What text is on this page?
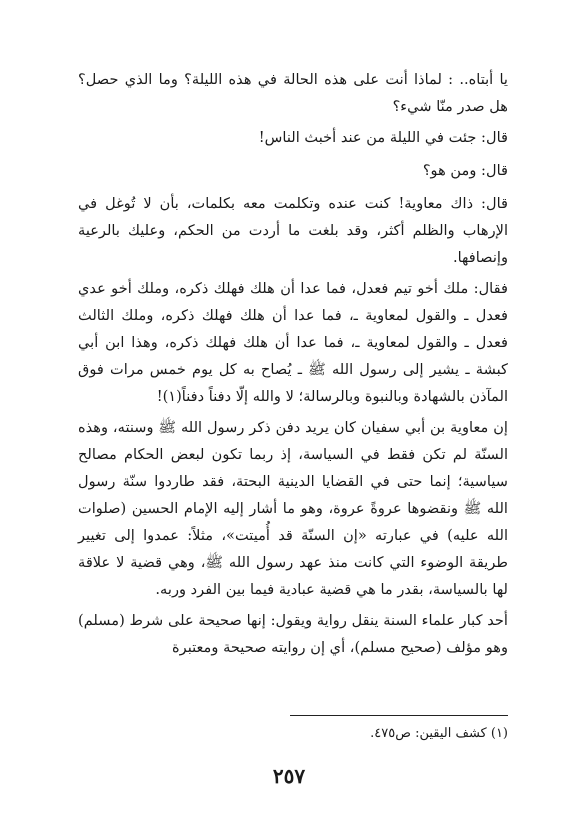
يا أبتاه.. : لماذا أنت على هذه الحالة في هذه الليلة؟ وما الذي حصل؟ هل صدر منّا شيء؟

قال: جئت في الليلة من عند أخبث الناس!

قال: ومن هو؟

قال: ذاك معاوية! كنت عنده وتكلمت معه بكلمات، بأن لا تُوغل في الإرهاب والظلم أكثر، وقد بلغت ما أردت من الحكم، وعليك بالرعية وإنصافها.

فقال: ملك أخو تيم فعدل، فما عدا أن هلك فهلك ذكره، وملك أخو عدي فعدل ـ والقول لمعاوية ـ، فما عدا أن هلك فهلك ذكره، وملك الثالث فعدل ـ والقول لمعاوية ـ، فما عدا أن هلك فهلك ذكره، وهذا ابن أبي كبشة ـ يشير إلى رسول الله ﷺ ـ يُصاح به كل يوم خمس مرات فوق المآذن بالشهادة وبالنبوة وبالرسالة؛ لا والله إلّا دفناً دفناً(١)!

إن معاوية بن أبي سفيان كان يريد دفن ذكر رسول الله ﷺ وسنته، وهذه السنّة لم تكن فقط في السياسة، إذ ربما تكون لبعض الحكام مصالح سياسية؛ إنما حتى في القضايا الدينية البحتة، فقد طاردوا سنّة رسول الله ﷺ ونقضوها عروةً عروة، وهو ما أشار إليه الإمام الحسين (صلوات الله عليه) في عبارته «إن السنّة قد أُميتت»، مثلاً: عمدوا إلى تغيير طريقة الوضوء التي كانت منذ عهد رسول الله ﷺ، وهي قضية لا علاقة لها بالسياسة، بقدر ما هي قضية عبادية فيما بين الفرد وربه.

أحد كبار علماء السنة ينقل رواية ويقول: إنها صحيحة على شرط (مسلم) وهو مؤلف (صحيح مسلم)، أي إن روايته صحيحة ومعتبرة

(١) كشف اليقين: ص٤٧٥.
٢٥٧
